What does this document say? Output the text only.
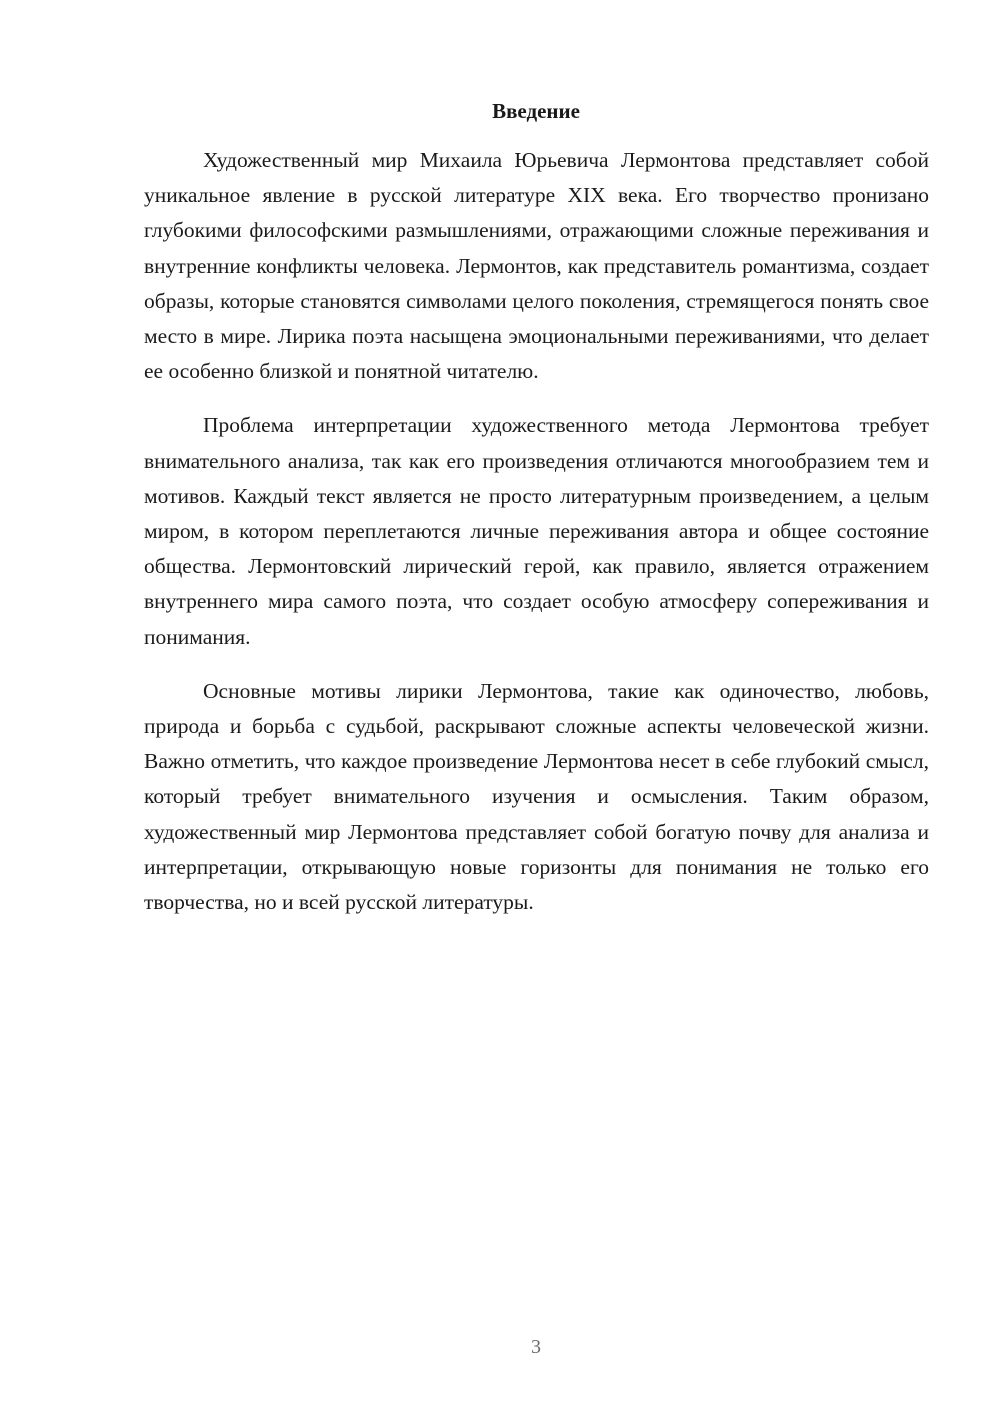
Введение

Художественный мир Михаила Юрьевича Лермонтова представляет собой уникальное явление в русской литературе XIX века. Его творчество пронизано глубокими философскими размышлениями, отражающими сложные переживания и внутренние конфликты человека. Лермонтов, как представитель романтизма, создает образы, которые становятся символами целого поколения, стремящегося понять свое место в мире. Лирика поэта насыщена эмоциональными переживаниями, что делает ее особенно близкой и понятной читателю.

Проблема интерпретации художественного метода Лермонтова требует внимательного анализа, так как его произведения отличаются многообразием тем и мотивов. Каждый текст является не просто литературным произведением, а целым миром, в котором переплетаются личные переживания автора и общее состояние общества. Лермонтовский лирический герой, как правило, является отражением внутреннего мира самого поэта, что создает особую атмосферу сопереживания и понимания.

Основные мотивы лирики Лермонтова, такие как одиночество, любовь, природа и борьба с судьбой, раскрывают сложные аспекты человеческой жизни. Важно отметить, что каждое произведение Лермонтова несет в себе глубокий смысл, который требует внимательного изучения и осмысления. Таким образом, художественный мир Лермонтова представляет собой богатую почву для анализа и интерпретации, открывающую новые горизонты для понимания не только его творчества, но и всей русской литературы.

3
